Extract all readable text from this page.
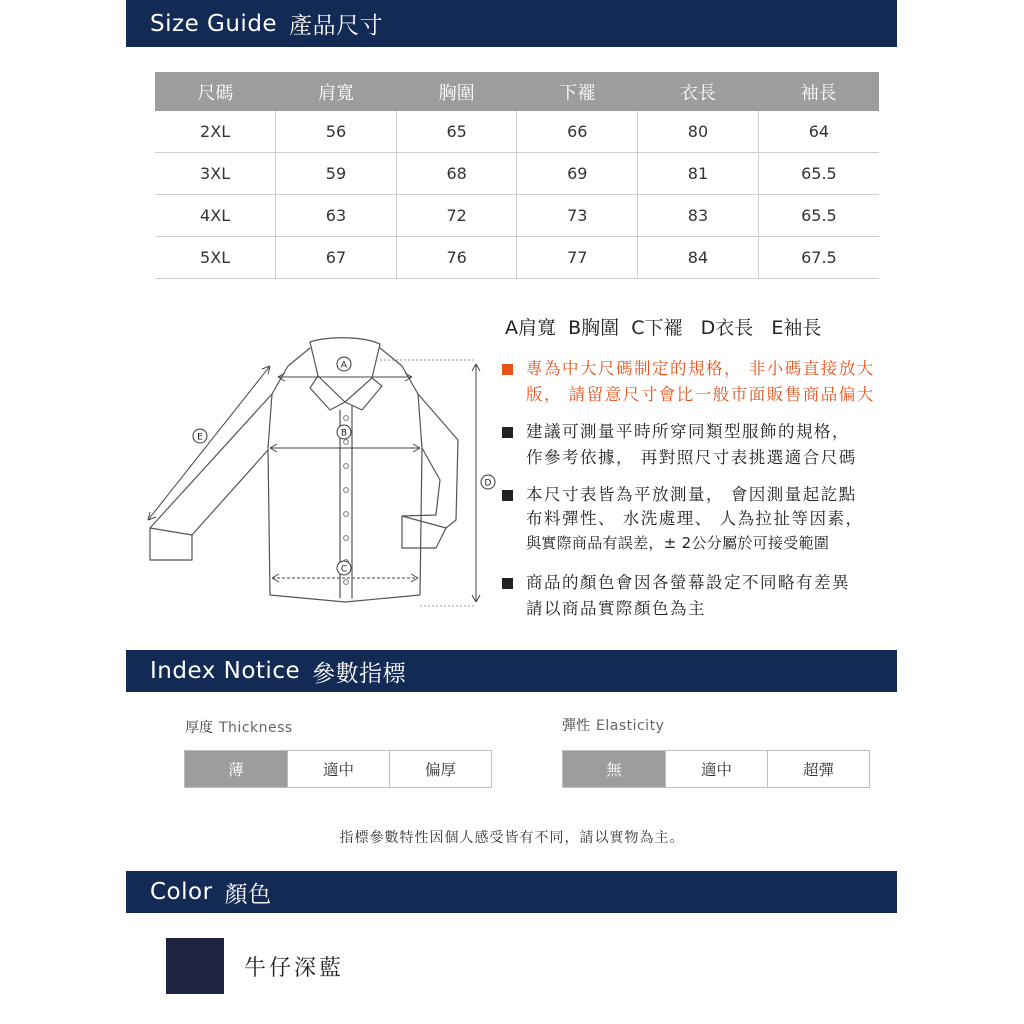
Size Guide 產品尺寸
尺碼	肩寬	胸圍	下襬	衣長	袖長
2XL	56	65	66	80	64
3XL	59	68	69	81	65.5
4XL	63	72	73	83	65.5
5XL	67	76	77	84	67.5
A
B
C
D
E
A肩寬  B胸圍  C下襬   D衣長   E袖長
專為中大尺碼制定的規格， 非小碼直接放大
版， 請留意尺寸會比一般市面販售商品偏大
建議可測量平時所穿同類型服飾的規格，
作參考依據， 再對照尺寸表挑選適合尺碼
本尺寸表皆為平放測量， 會因測量起訖點
布料彈性、 水洗處理、 人為拉扯等因素，
與實際商品有誤差，± 2公分屬於可接受範圍
商品的顏色會因各螢幕設定不同略有差異
請以商品實際顏色為主
Index Notice 參數指標
厚度 Thickness
薄	適中	偏厚
彈性 Elasticity
無	適中	超彈
指標參數特性因個人感受皆有不同，請以實物為主。
Color 顏色
牛仔深藍
